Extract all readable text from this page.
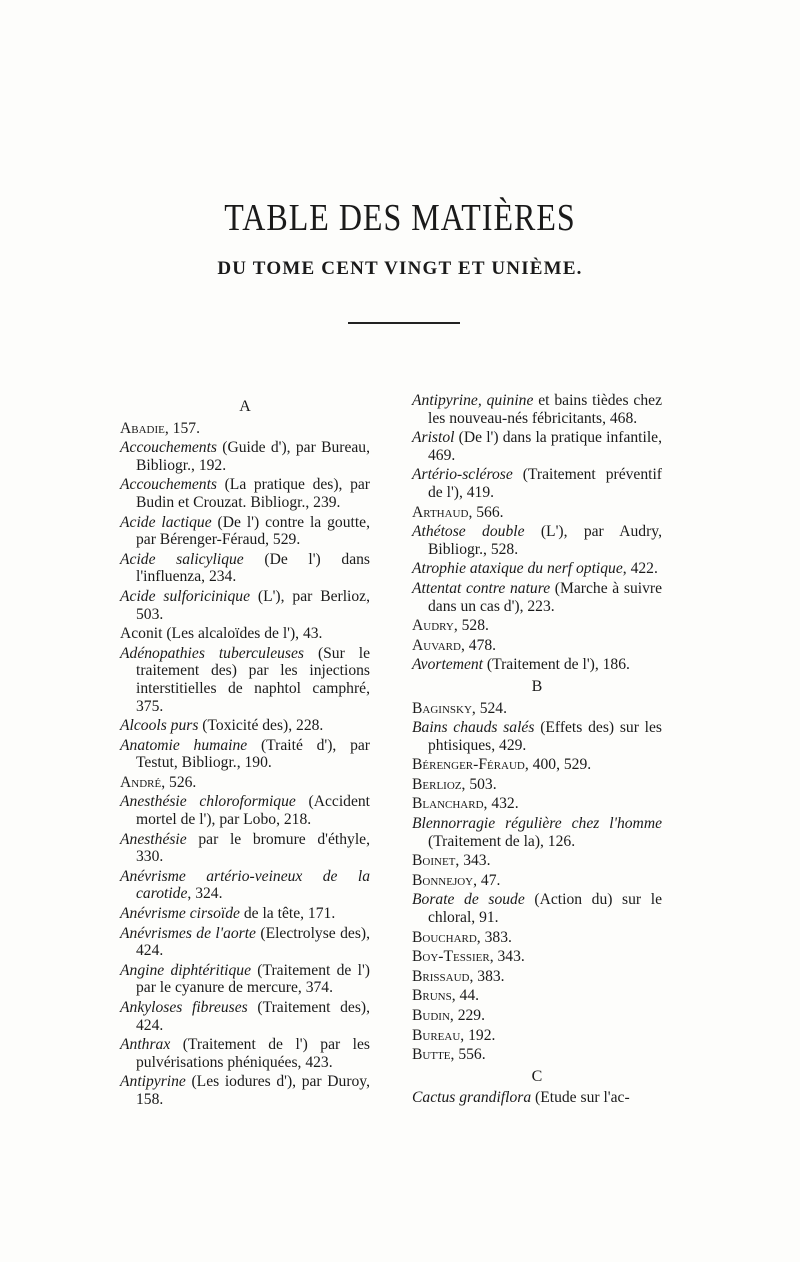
TABLE DES MATIÈRES
DU TOME CENT VINGT ET UNIÈME.
A
Abadie, 157.
Accouchements (Guide d'), par Bureau, Bibliogr., 192.
Accouchements (La pratique des), par Budin et Crouzat. Bibliogr., 239.
Acide lactique (De l') contre la goutte, par Bérenger-Féraud, 529.
Acide salicylique (De l') dans l'influenza, 234.
Acide sulforicinique (L'), par Berlioz, 503.
Aconit (Les alcaloïdes de l'), 43.
Adénopathies tuberculeuses (Sur le traitement des) par les injections interstitielles de naphtol camphré, 375.
Alcools purs (Toxicité des), 228.
Anatomie humaine (Traité d'), par Testut, Bibliogr., 190.
André, 526.
Anesthésie chloroformique (Accident mortel de l'), par Lobo, 218.
Anesthésie par le bromure d'éthyle, 330.
Anévrisme artério-veineux de la carotide, 324.
Anévrisme cirsoïde de la tête, 171.
Anévrismes de l'aorte (Electrolyse des), 424.
Angine diphtéritique (Traitement de l') par le cyanure de mercure, 374.
Ankyloses fibreuses (Traitement des), 424.
Anthrax (Traitement de l') par les pulvérisations phéniquées, 423.
Antipyrine (Les iodures d'), par Duroy, 158.
Antipyrine, quinine et bains tièdes chez les nouveau-nés fébricitants, 468.
Aristol (De l') dans la pratique infantile, 469.
Artério-sclérose (Traitement préventif de l'), 419.
Arthaud, 566.
Athétose double (L'), par Audry, Bibliogr., 528.
Atrophie ataxique du nerf optique, 422.
Attentat contre nature (Marche à suivre dans un cas d'), 223.
Audry, 528.
Auvard, 478.
Avortement (Traitement de l'), 186.
B
Baginsky, 524.
Bains chauds salés (Effets des) sur les phtisiques, 429.
Bérenger-Féraud, 400, 529.
Berlioz, 503.
Blanchard, 432.
Blennorragie régulière chez l'homme (Traitement de la), 126.
Boinet, 343.
Bonnejoy, 47.
Borate de soude (Action du) sur le chloral, 91.
Bouchard, 383.
Boy-Tessier, 343.
Brissaud, 383.
Bruns, 44.
Budin, 229.
Bureau, 192.
Butte, 556.
C
Cactus grandiflora (Etude sur l'ac-
